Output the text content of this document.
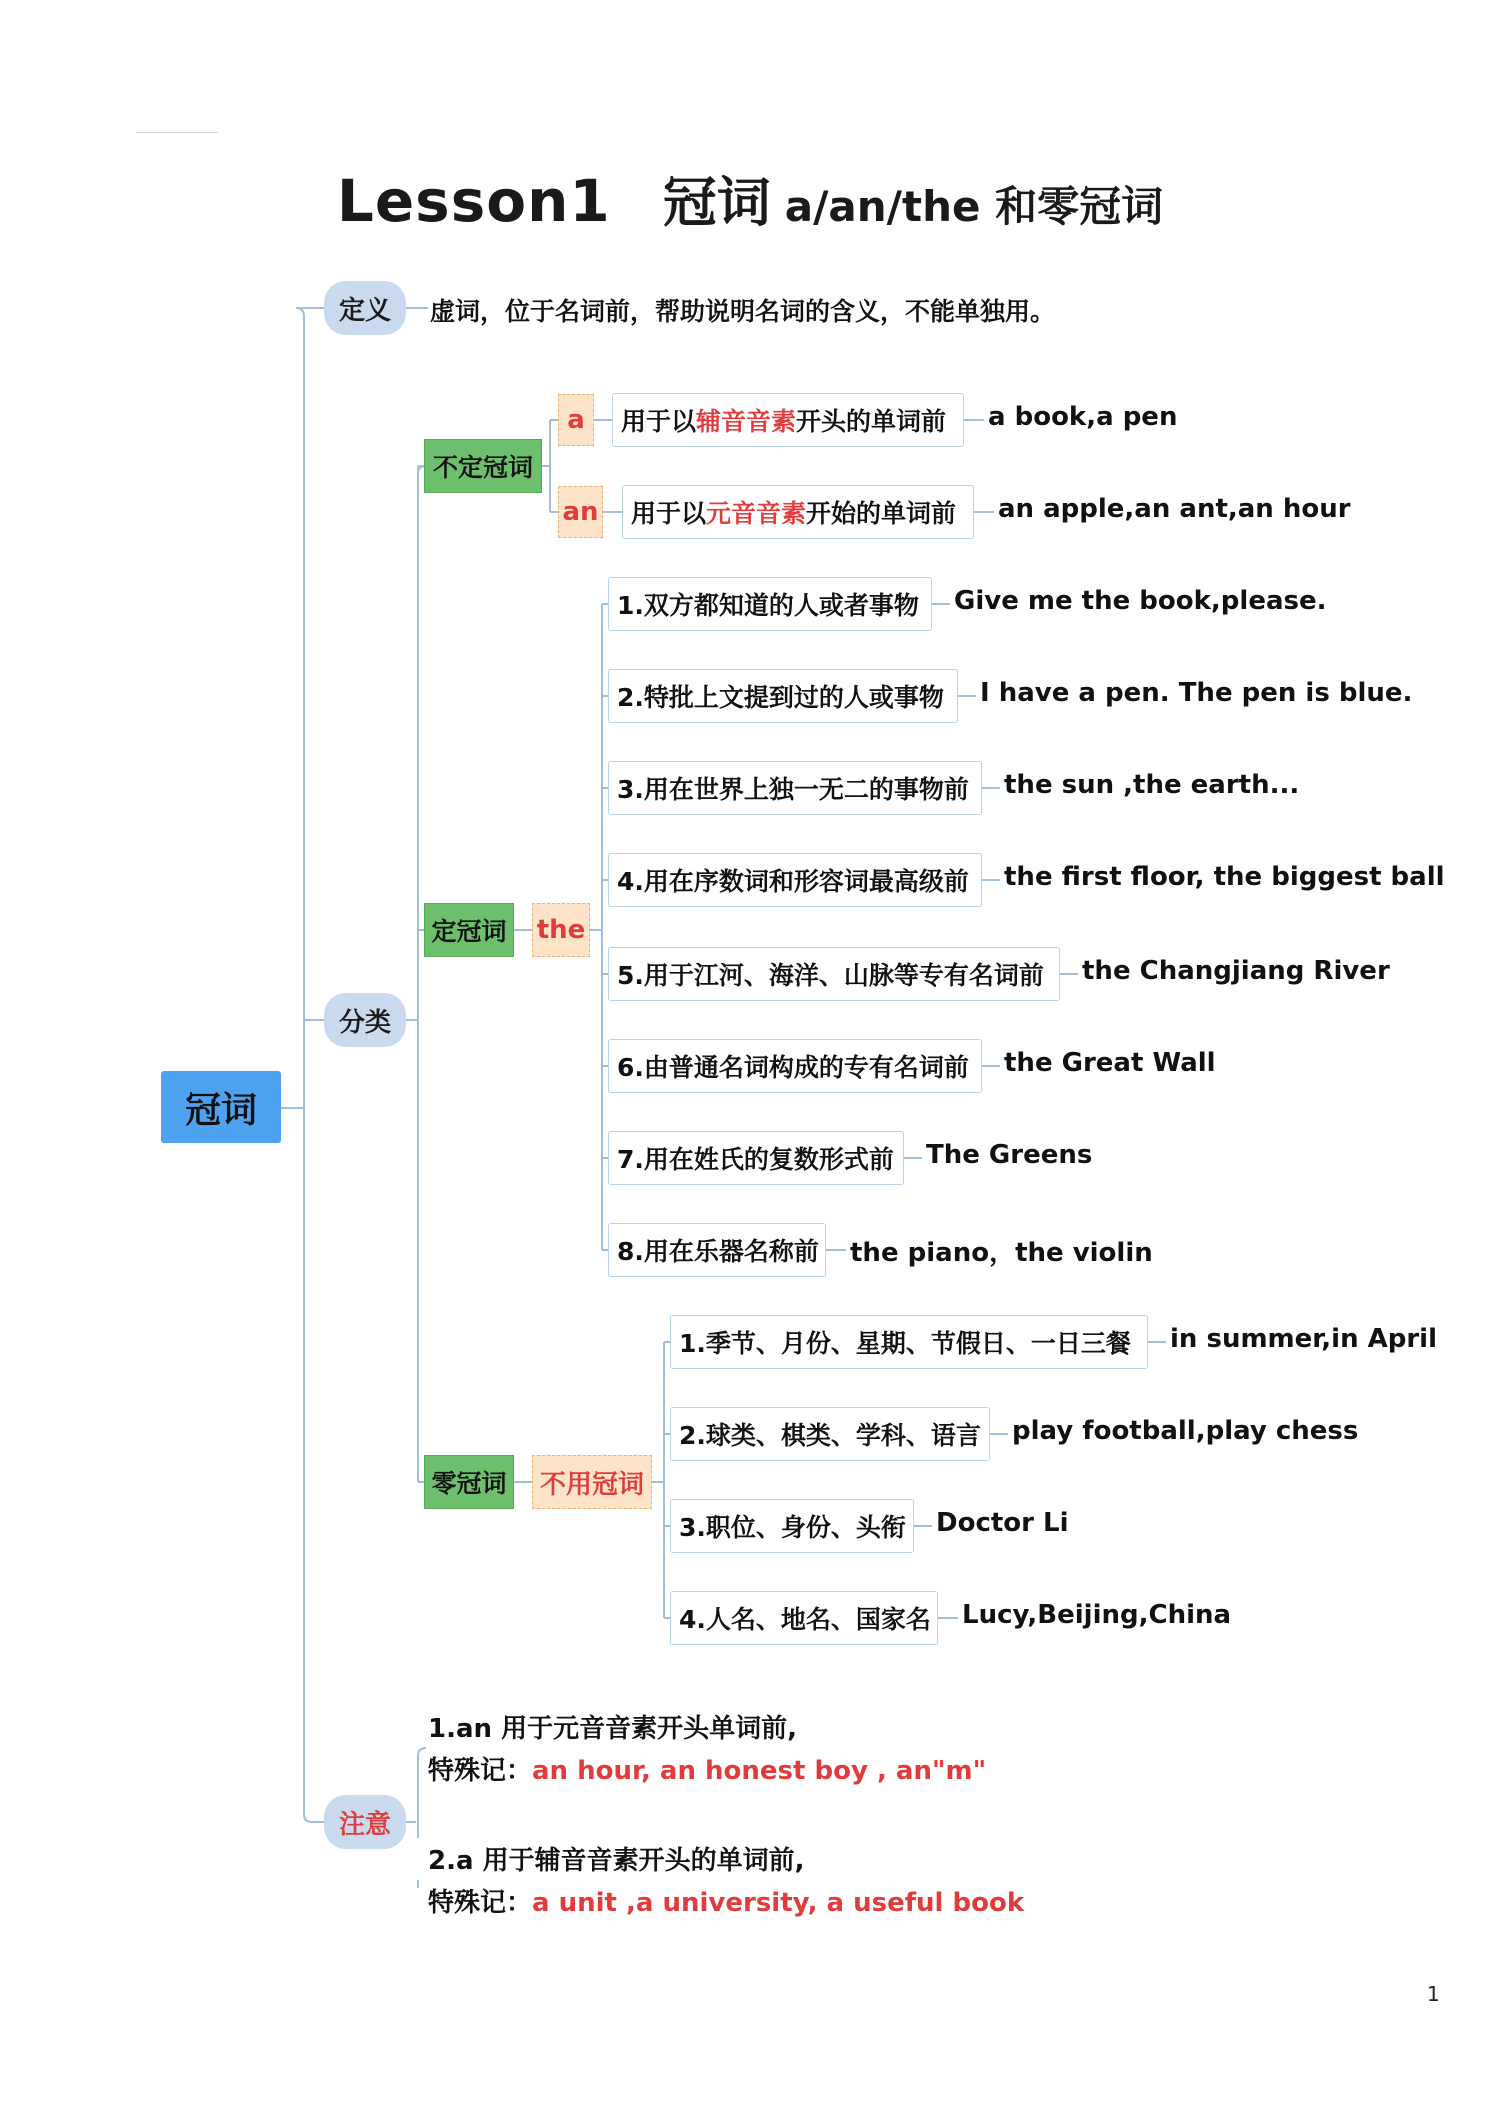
Lesson1 冠词 a/an/the 和零冠词
冠词
定义	虚词，位于名词前，帮助说明名词的含义，不能单独用。
分类
不定冠词
a
an
用于以 辅音音素 开头的单词前
用于以 元音音素 开始的单词前
a book,a pen
an apple,an ant,an hour
定冠词 the
1.双方都知道的人或者事物
2.特批上文提到过的人或事物
3.用在世界上独一无二的事物前
4.用在序数词和形容词最高级前
5.用于江河、海洋、山脉等专有名词前
6.由普通名词构成的专有名词前
7.用在姓氏的复数形式前
8.用在乐器名称前
Give me the book,please.
I have a pen. The pen is blue.
the sun ,the earth...
the first floor, the biggest ball
the Changjiang River
the Great Wall
The Greens
the piano，the violin
零冠词	不用冠词
1.季节、月份、星期、节假日、一日三餐
2.球类、棋类、学科、语言
3.职位、身份、头衔
4.人名、地名、国家名
in summer,in April
play football,play chess
Doctor Li
Lucy,Beijing,China
注意
1.an 用于元音音素开头单词前,
特殊记：an hour, an honest boy , an"m"
2.a 用于辅音音素开头的单词前,
特殊记：a unit ,a university, a useful book
1
